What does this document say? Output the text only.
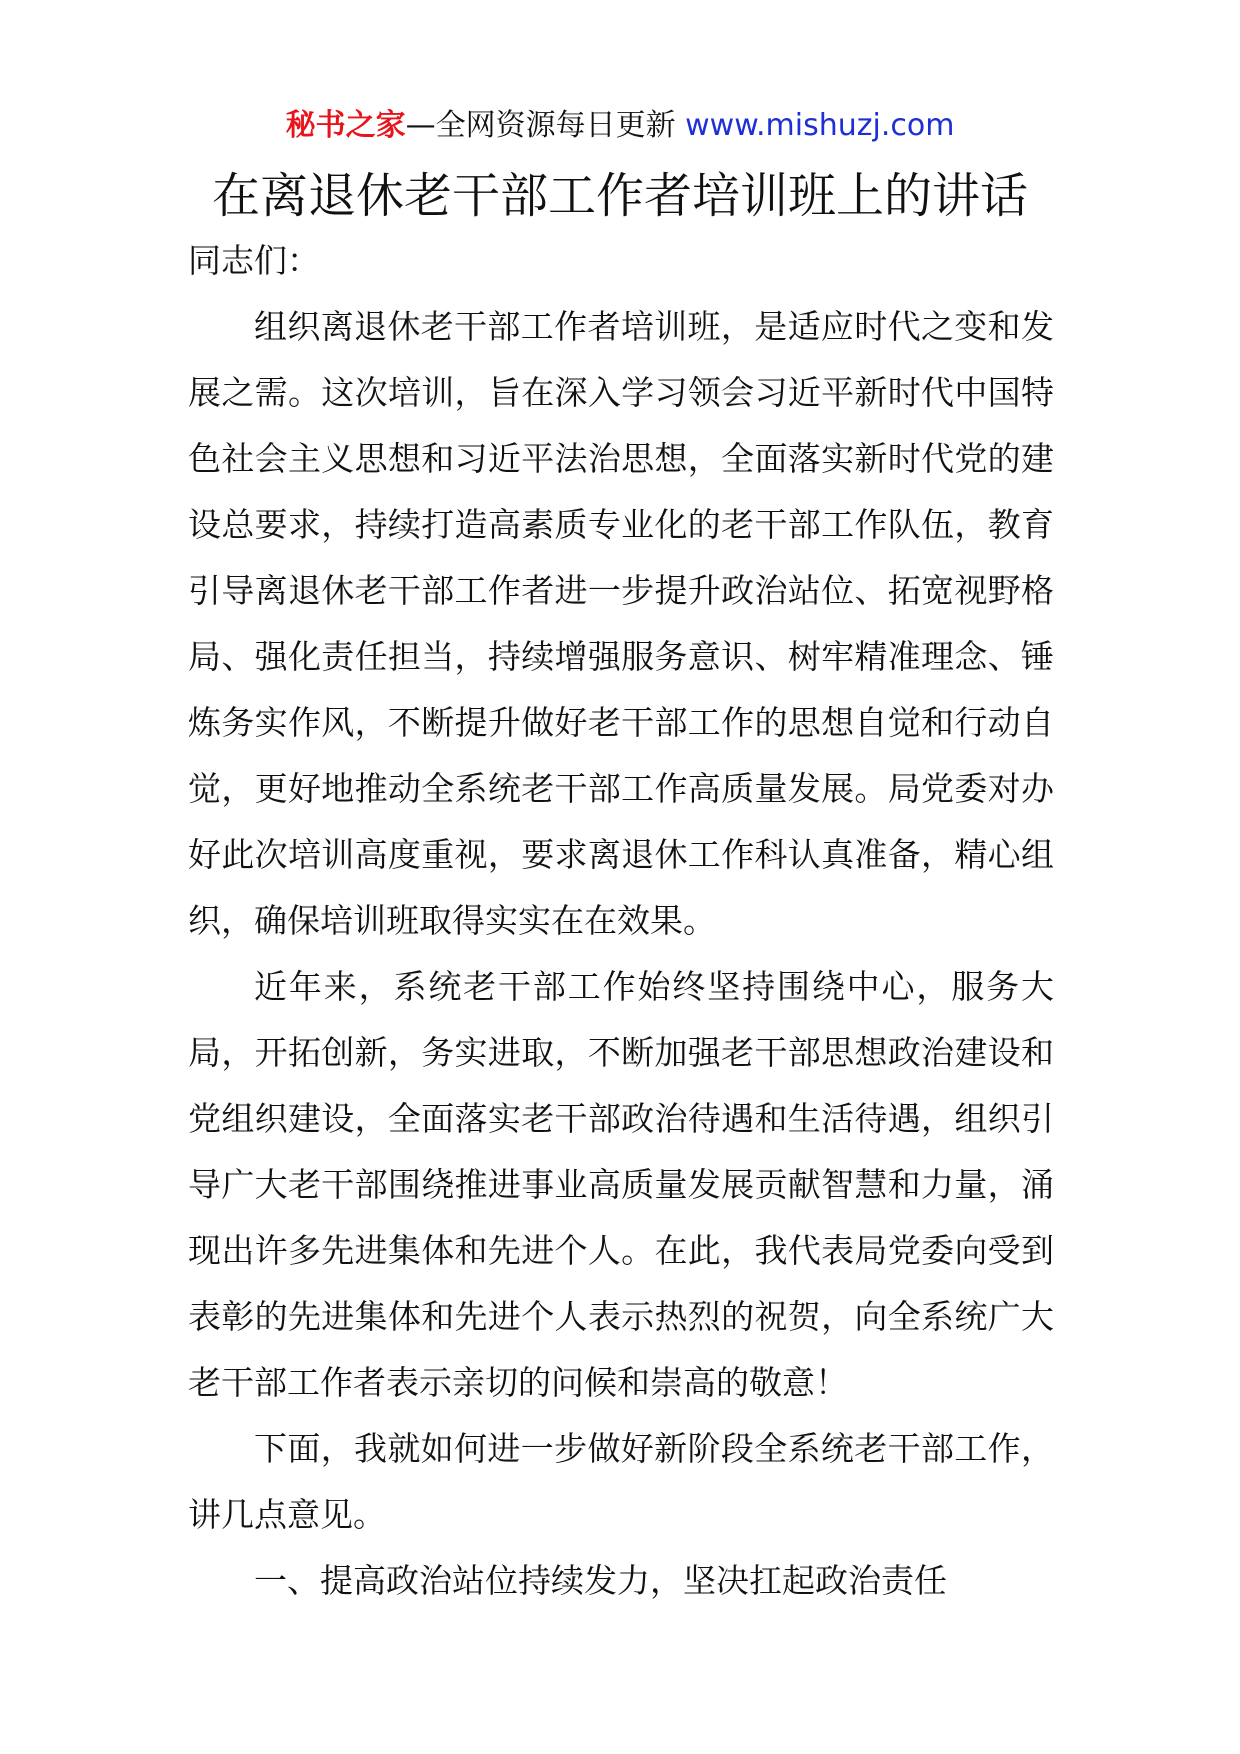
秘书之家—全网资源每日更新 www.mishuzj.com
在离退休老干部工作者培训班上的讲话

同志们：

组织离退休老干部工作者培训班，是适应时代之变和发展之需。这次培训，旨在深入学习领会习近平新时代中国特色社会主义思想和习近平法治思想，全面落实新时代党的建设总要求，持续打造高素质专业化的老干部工作队伍，教育引导离退休老干部工作者进一步提升政治站位、拓宽视野格局、强化责任担当，持续增强服务意识、树牢精准理念、锤炼务实作风，不断提升做好老干部工作的思想自觉和行动自觉，更好地推动全系统老干部工作高质量发展。局党委对办好此次培训高度重视，要求离退休工作科认真准备，精心组织，确保培训班取得实实在在效果。

近年来，系统老干部工作始终坚持围绕中心，服务大局，开拓创新，务实进取，不断加强老干部思想政治建设和党组织建设，全面落实老干部政治待遇和生活待遇，组织引导广大老干部围绕推进事业高质量发展贡献智慧和力量，涌现出许多先进集体和先进个人。在此，我代表局党委向受到表彰的先进集体和先进个人表示热烈的祝贺，向全系统广大老干部工作者表示亲切的问候和崇高的敬意！

下面，我就如何进一步做好新阶段全系统老干部工作，讲几点意见。

一、提高政治站位持续发力，坚决扛起政治责任
